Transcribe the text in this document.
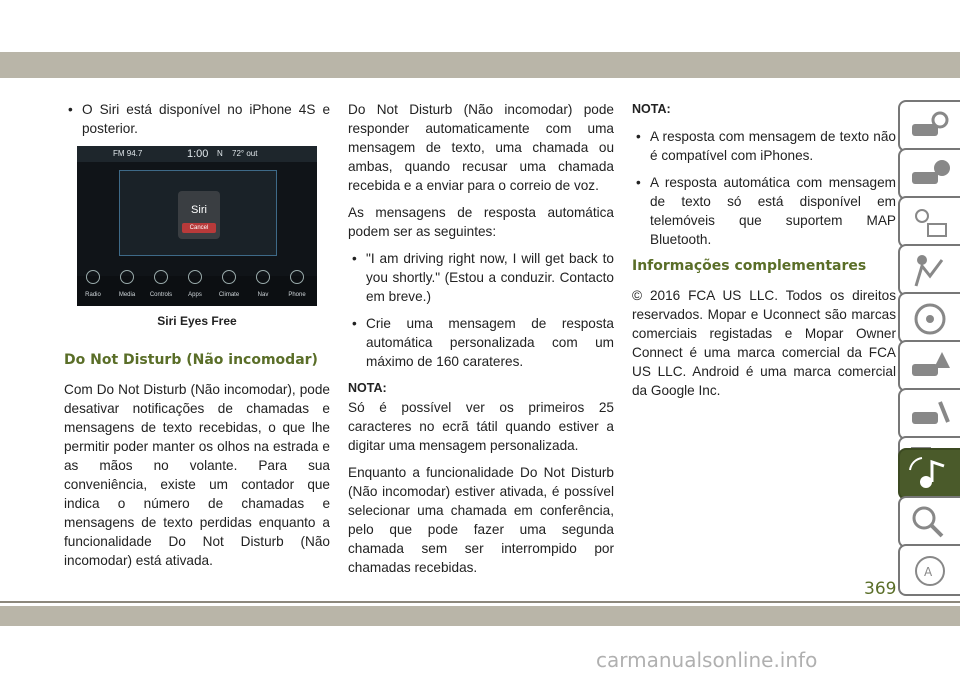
• O Siri está disponível no iPhone 4S e posterior.
FM 94.7	1:00 N 72° out
Siri
Cancel
Radio	Media	Controls	Apps	Climate	Nav	Phone
Siri Eyes Free
Do Not Disturb (Não incomodar)

Com Do Not Disturb (Não incomodar), pode desativar notificações de chamadas e mensagens de texto recebidas, o que lhe permitir poder manter os olhos na estrada e as mãos no volante. Para sua conveniência, existe um contador que indica o número de chamadas e mensagens de texto perdidas enquanto a funcionalidade Do Not Disturb (Não incomodar) está ativada.

Do Not Disturb (Não incomodar) pode responder automaticamente com uma mensagem de texto, uma chamada ou ambas, quando recusar uma chamada recebida e a enviar para o correio de voz.

As mensagens de resposta automática podem ser as seguintes:

• "I am driving right now, I will get back to you shortly." (Estou a conduzir. Contacto em breve.)
• Crie uma mensagem de resposta automática personalizada com um máximo de 160 carateres.
NOTA:

Só é possível ver os primeiros 25 caracteres no ecrã tátil quando estiver a digitar uma mensagem personalizada.

Enquanto a funcionalidade Do Not Disturb (Não incomodar) estiver ativada, é possível selecionar uma chamada em conferência, pelo que pode fazer uma segunda chamada sem ser interrompido por chamadas recebidas.

NOTA:
• A resposta com mensagem de texto não é compatível com iPhones.
• A resposta automática com mensagem de texto só está disponível em telemóveis que suportem MAP Bluetooth.
Informações complementares

© 2016 FCA US LLC. Todos os direitos reservados. Mopar e Uconnect são marcas comerciais registadas e Mopar Owner Connect é uma marca comercial da FCA US LLC. Android é uma marca comercial da Google Inc.

A
369
carmanualsonline.info
